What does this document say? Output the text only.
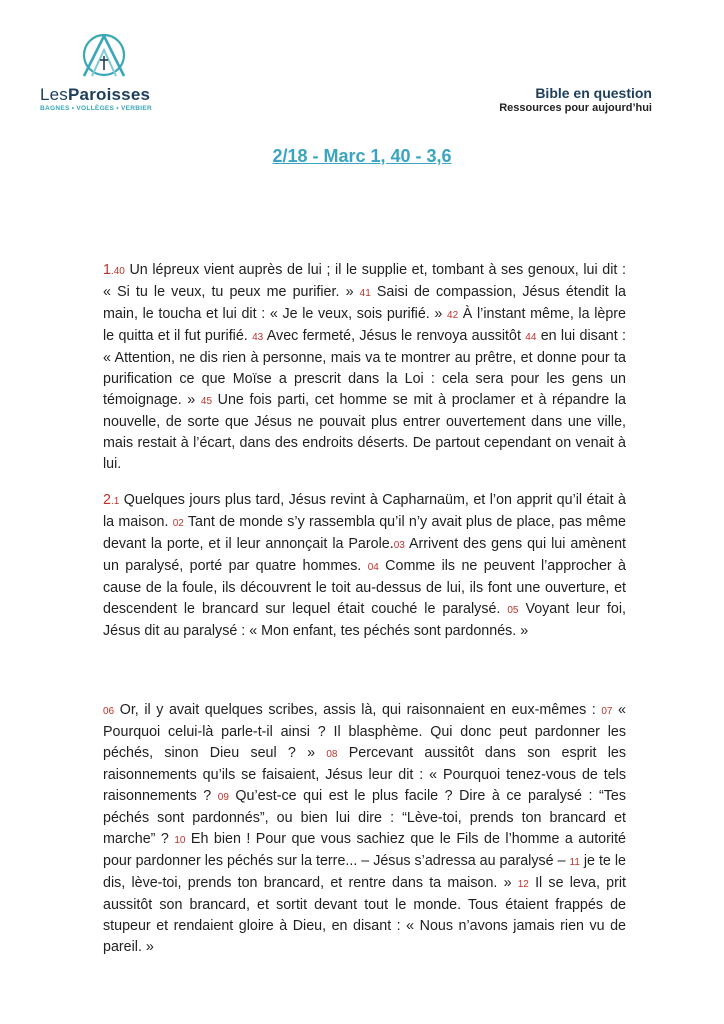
LesParoisses
BAGNES • VOLLÈGES • VERBIER
Bible en question
Ressources pour aujourd’hui
2/18 - Marc 1, 40 - 3,6
1.40 Un lépreux vient auprès de lui ; il le supplie et, tombant à ses genoux, lui dit : « Si tu le veux, tu peux me purifier. » 41 Saisi de compassion, Jésus étendit la main, le toucha et lui dit : « Je le veux, sois purifié. » 42 À l’instant même, la lèpre le quitta et il fut purifié. 43 Avec fermeté, Jésus le renvoya aussitôt 44 en lui disant : « Attention, ne dis rien à personne, mais va te montrer au prêtre, et donne pour ta purification ce que Moïse a prescrit dans la Loi : cela sera pour les gens un témoignage. » 45 Une fois parti, cet homme se mit à proclamer et à répandre la nouvelle, de sorte que Jésus ne pouvait plus entrer ouvertement dans une ville, mais restait à l’écart, dans des endroits déserts. De partout cependant on venait à lui.
2.1 Quelques jours plus tard, Jésus revint à Capharnaüm, et l’on apprit qu’il était à la maison. 02 Tant de monde s’y rassembla qu’il n’y avait plus de place, pas même devant la porte, et il leur annonçait la Parole.03 Arrivent des gens qui lui amènent un paralysé, porté par quatre hommes. 04 Comme ils ne peuvent l’approcher à cause de la foule, ils découvrent le toit au-dessus de lui, ils font une ouverture, et descendent le brancard sur lequel était couché le paralysé. 05 Voyant leur foi, Jésus dit au paralysé : « Mon enfant, tes péchés sont pardonnés. »
06 Or, il y avait quelques scribes, assis là, qui raisonnaient en eux-mêmes : 07 « Pourquoi celui-là parle-t-il ainsi ? Il blasphème. Qui donc peut pardonner les péchés, sinon Dieu seul ? » 08 Percevant aussitôt dans son esprit les raisonnements qu’ils se faisaient, Jésus leur dit : « Pourquoi tenez-vous de tels raisonnements ? 09 Qu’est-ce qui est le plus facile ? Dire à ce paralysé : “Tes péchés sont pardonnés”, ou bien lui dire : “Lève-toi, prends ton brancard et marche” ? 10 Eh bien ! Pour que vous sachiez que le Fils de l’homme a autorité pour pardonner les péchés sur la terre... – Jésus s’adressa au paralysé – 11 je te le dis, lève-toi, prends ton brancard, et rentre dans ta maison. » 12 Il se leva, prit aussitôt son brancard, et sortit devant tout le monde. Tous étaient frappés de stupeur et rendaient gloire à Dieu, en disant : « Nous n’avons jamais rien vu de pareil. »
